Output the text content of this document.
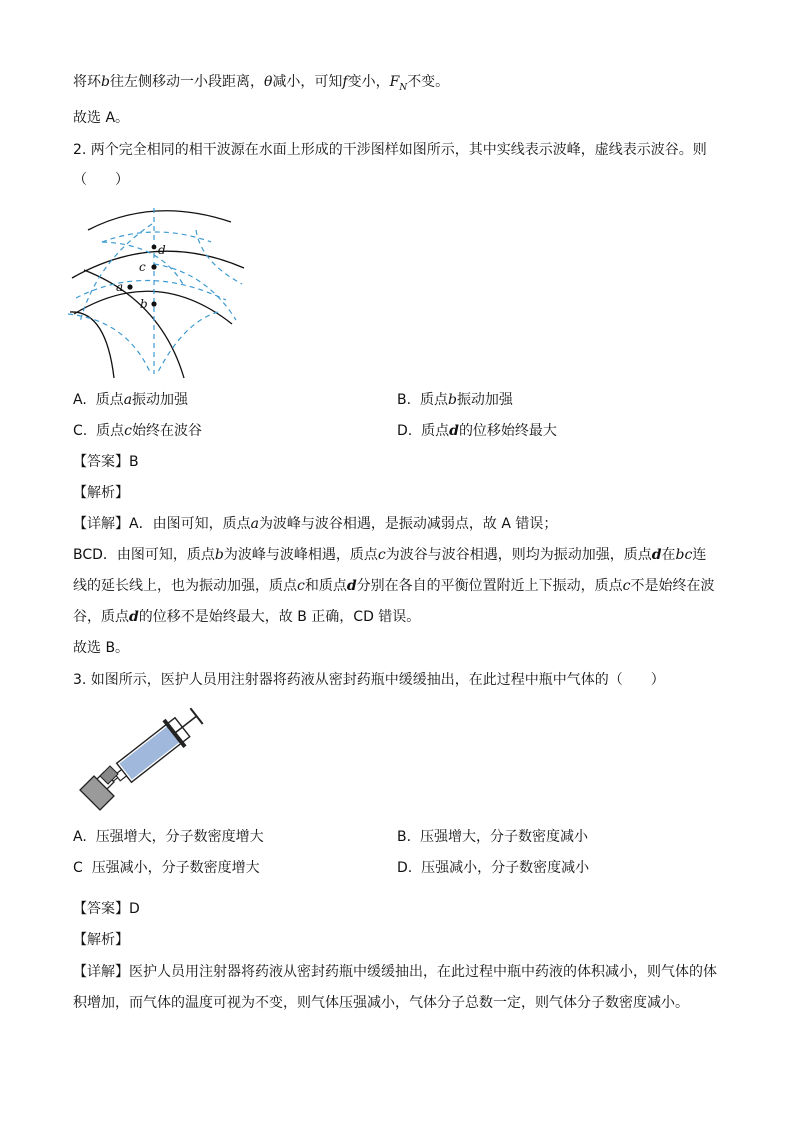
将环b往左侧移动一小段距离，θ减小，可知f变小，$F_N$不变。
故选 A。
2. 两个完全相同的相干波源在水面上形成的干涉图样如图所示，其中实线表示波峰，虚线表示波谷。则
（　　）
a
b
c
d
A. 质点a振动加强	B. 质点b振动加强
C. 质点c始终在波谷	D. 质点d的位移始终最大
【答案】B
【解析】
【详解】A．由图可知，质点a为波峰与波谷相遇，是振动减弱点，故 A 错误；
BCD．由图可知，质点b为波峰与波峰相遇，质点c为波谷与波谷相遇，则均为振动加强，质点d在bc连
线的延长线上，也为振动加强，质点c和质点d分别在各自的平衡位置附近上下振动，质点c不是始终在波
谷，质点d的位移不是始终最大，故 B 正确，CD 错误。
故选 B。
3. 如图所示，医护人员用注射器将药液从密封药瓶中缓缓抽出，在此过程中瓶中气体的（　　）
A. 压强增大，分子数密度增大	B. 压强增大，分子数密度减小
C 压强减小，分子数密度增大	D. 压强减小，分子数密度减小
【答案】D
【解析】
【详解】医护人员用注射器将药液从密封药瓶中缓缓抽出，在此过程中瓶中药液的体积减小，则气体的体
积增加，而气体的温度可视为不变，则气体压强减小，气体分子总数一定，则气体分子数密度减小。
